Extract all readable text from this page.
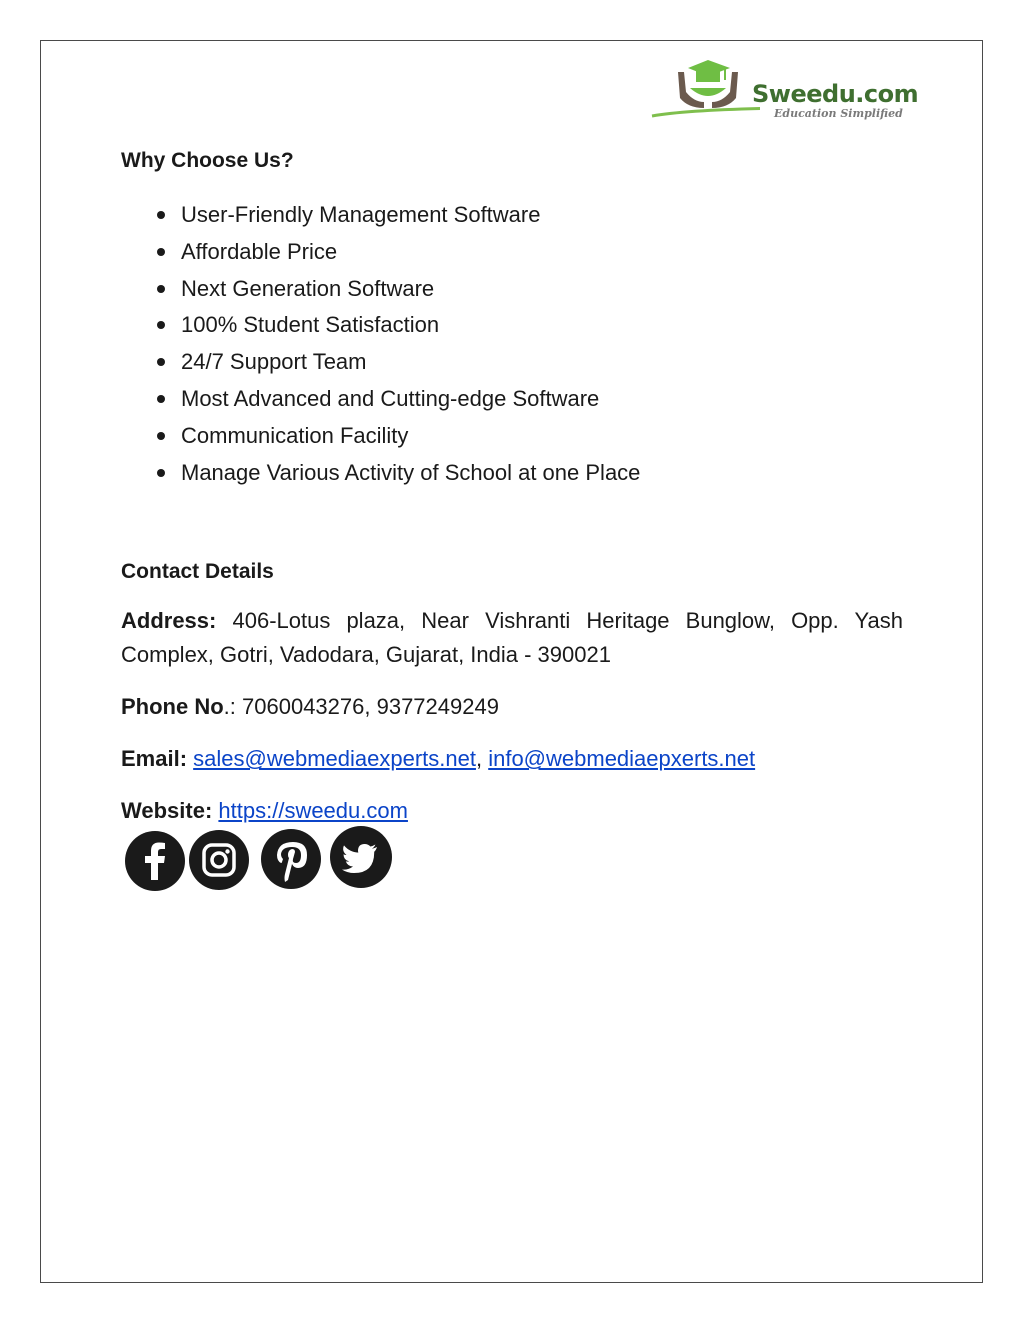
Sweedu.com
Education Simplified
Why Choose Us?
User-Friendly Management Software
Affordable Price
Next Generation Software
100% Student Satisfaction
24/7 Support Team
Most Advanced and Cutting-edge Software
Communication Facility
Manage Various Activity of School at one Place
Contact Details

Address: 406-Lotus plaza, Near Vishranti Heritage Bunglow, Opp. Yash Complex, Gotri, Vadodara, Gujarat, India - 390021

Phone No.: 7060043276, 9377249249

Email: sales@webmediaexperts.net, info@webmediaepxerts.net

Website: https://sweedu.com
